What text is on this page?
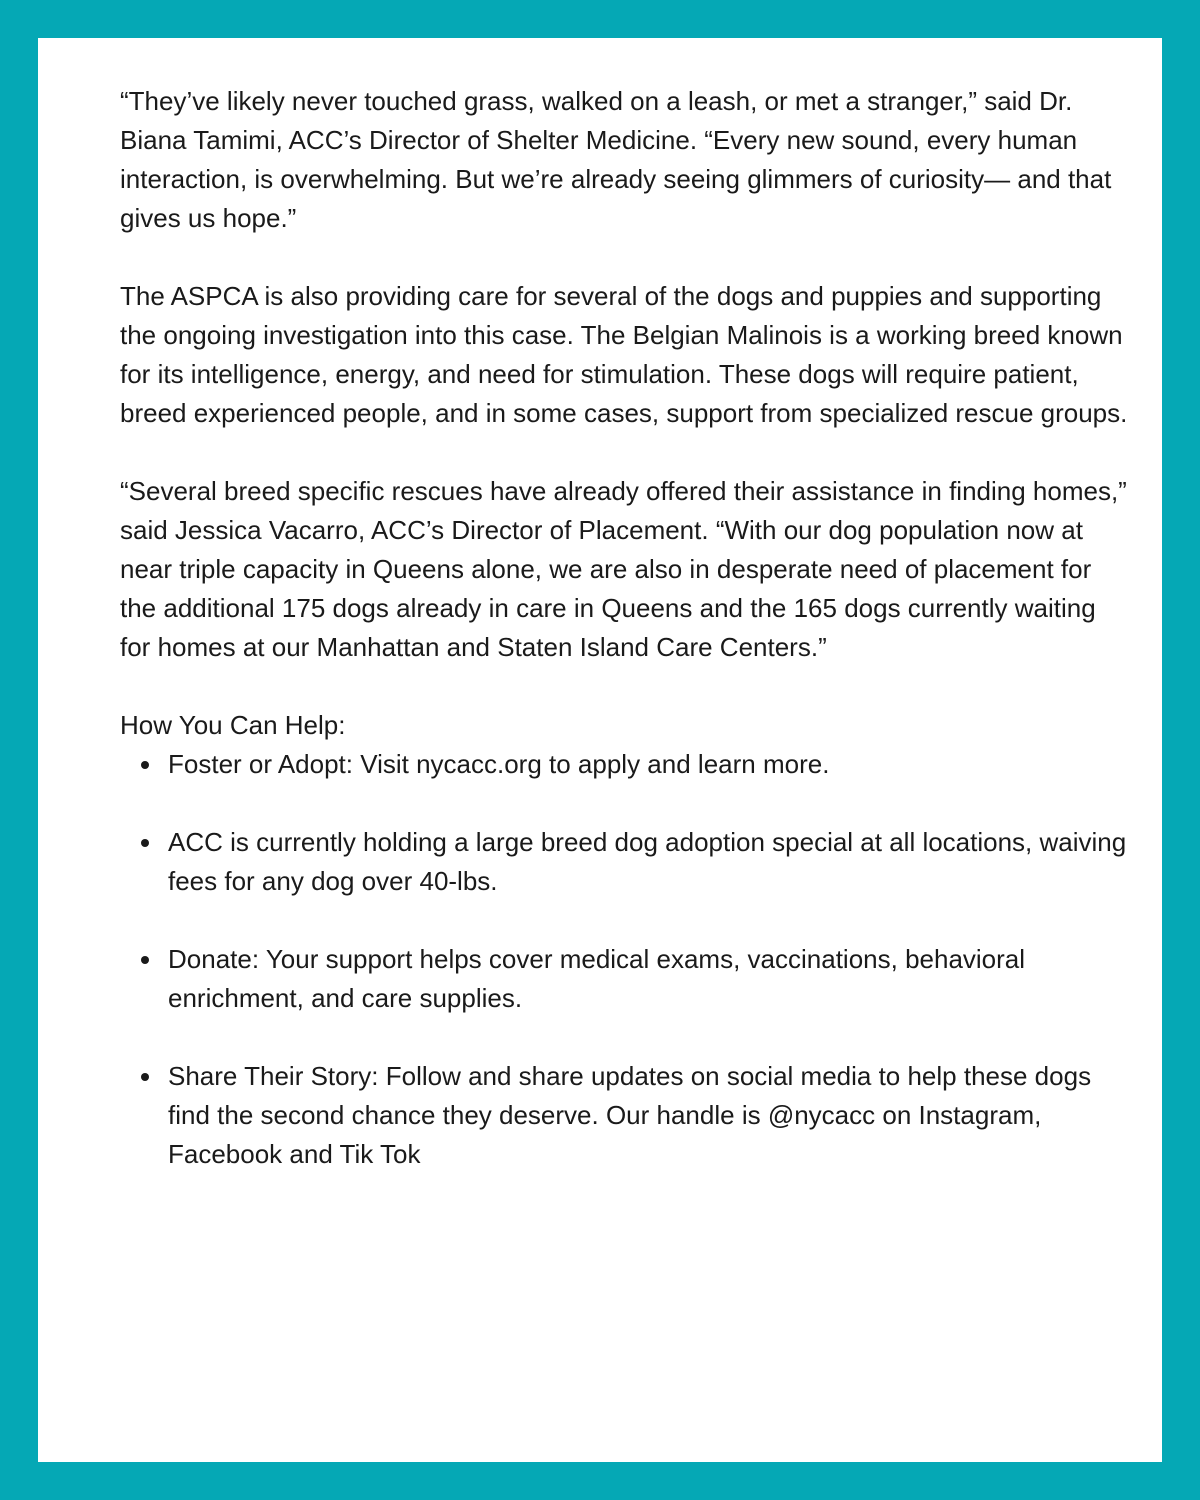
“They’ve likely never touched grass, walked on a leash, or met a stranger,” said Dr. Biana Tamimi, ACC’s Director of Shelter Medicine. “Every new sound, every human interaction, is overwhelming. But we’re already seeing glimmers of curiosity— and that gives us hope.”

The ASPCA is also providing care for several of the dogs and puppies and supporting the ongoing investigation into this case. The Belgian Malinois is a working breed known for its intelligence, energy, and need for stimulation. These dogs will require patient, breed experienced people, and in some cases, support from specialized rescue groups.

“Several breed specific rescues have already offered their assistance in finding homes,” said Jessica Vacarro, ACC’s Director of Placement. “With our dog population now at near triple capacity in Queens alone, we are also in desperate need of placement for the additional 175 dogs already in care in Queens and the 165 dogs currently waiting for homes at our Manhattan and Staten Island Care Centers.”

How You Can Help:
Foster or Adopt: Visit nycacc.org to apply and learn more.
ACC is currently holding a large breed dog adoption special at all locations, waiving fees for any dog over 40-lbs.
Donate: Your support helps cover medical exams, vaccinations, behavioral enrichment, and care supplies.
Share Their Story: Follow and share updates on social media to help these dogs find the second chance they deserve. Our handle is @nycacc on Instagram, Facebook and Tik Tok
